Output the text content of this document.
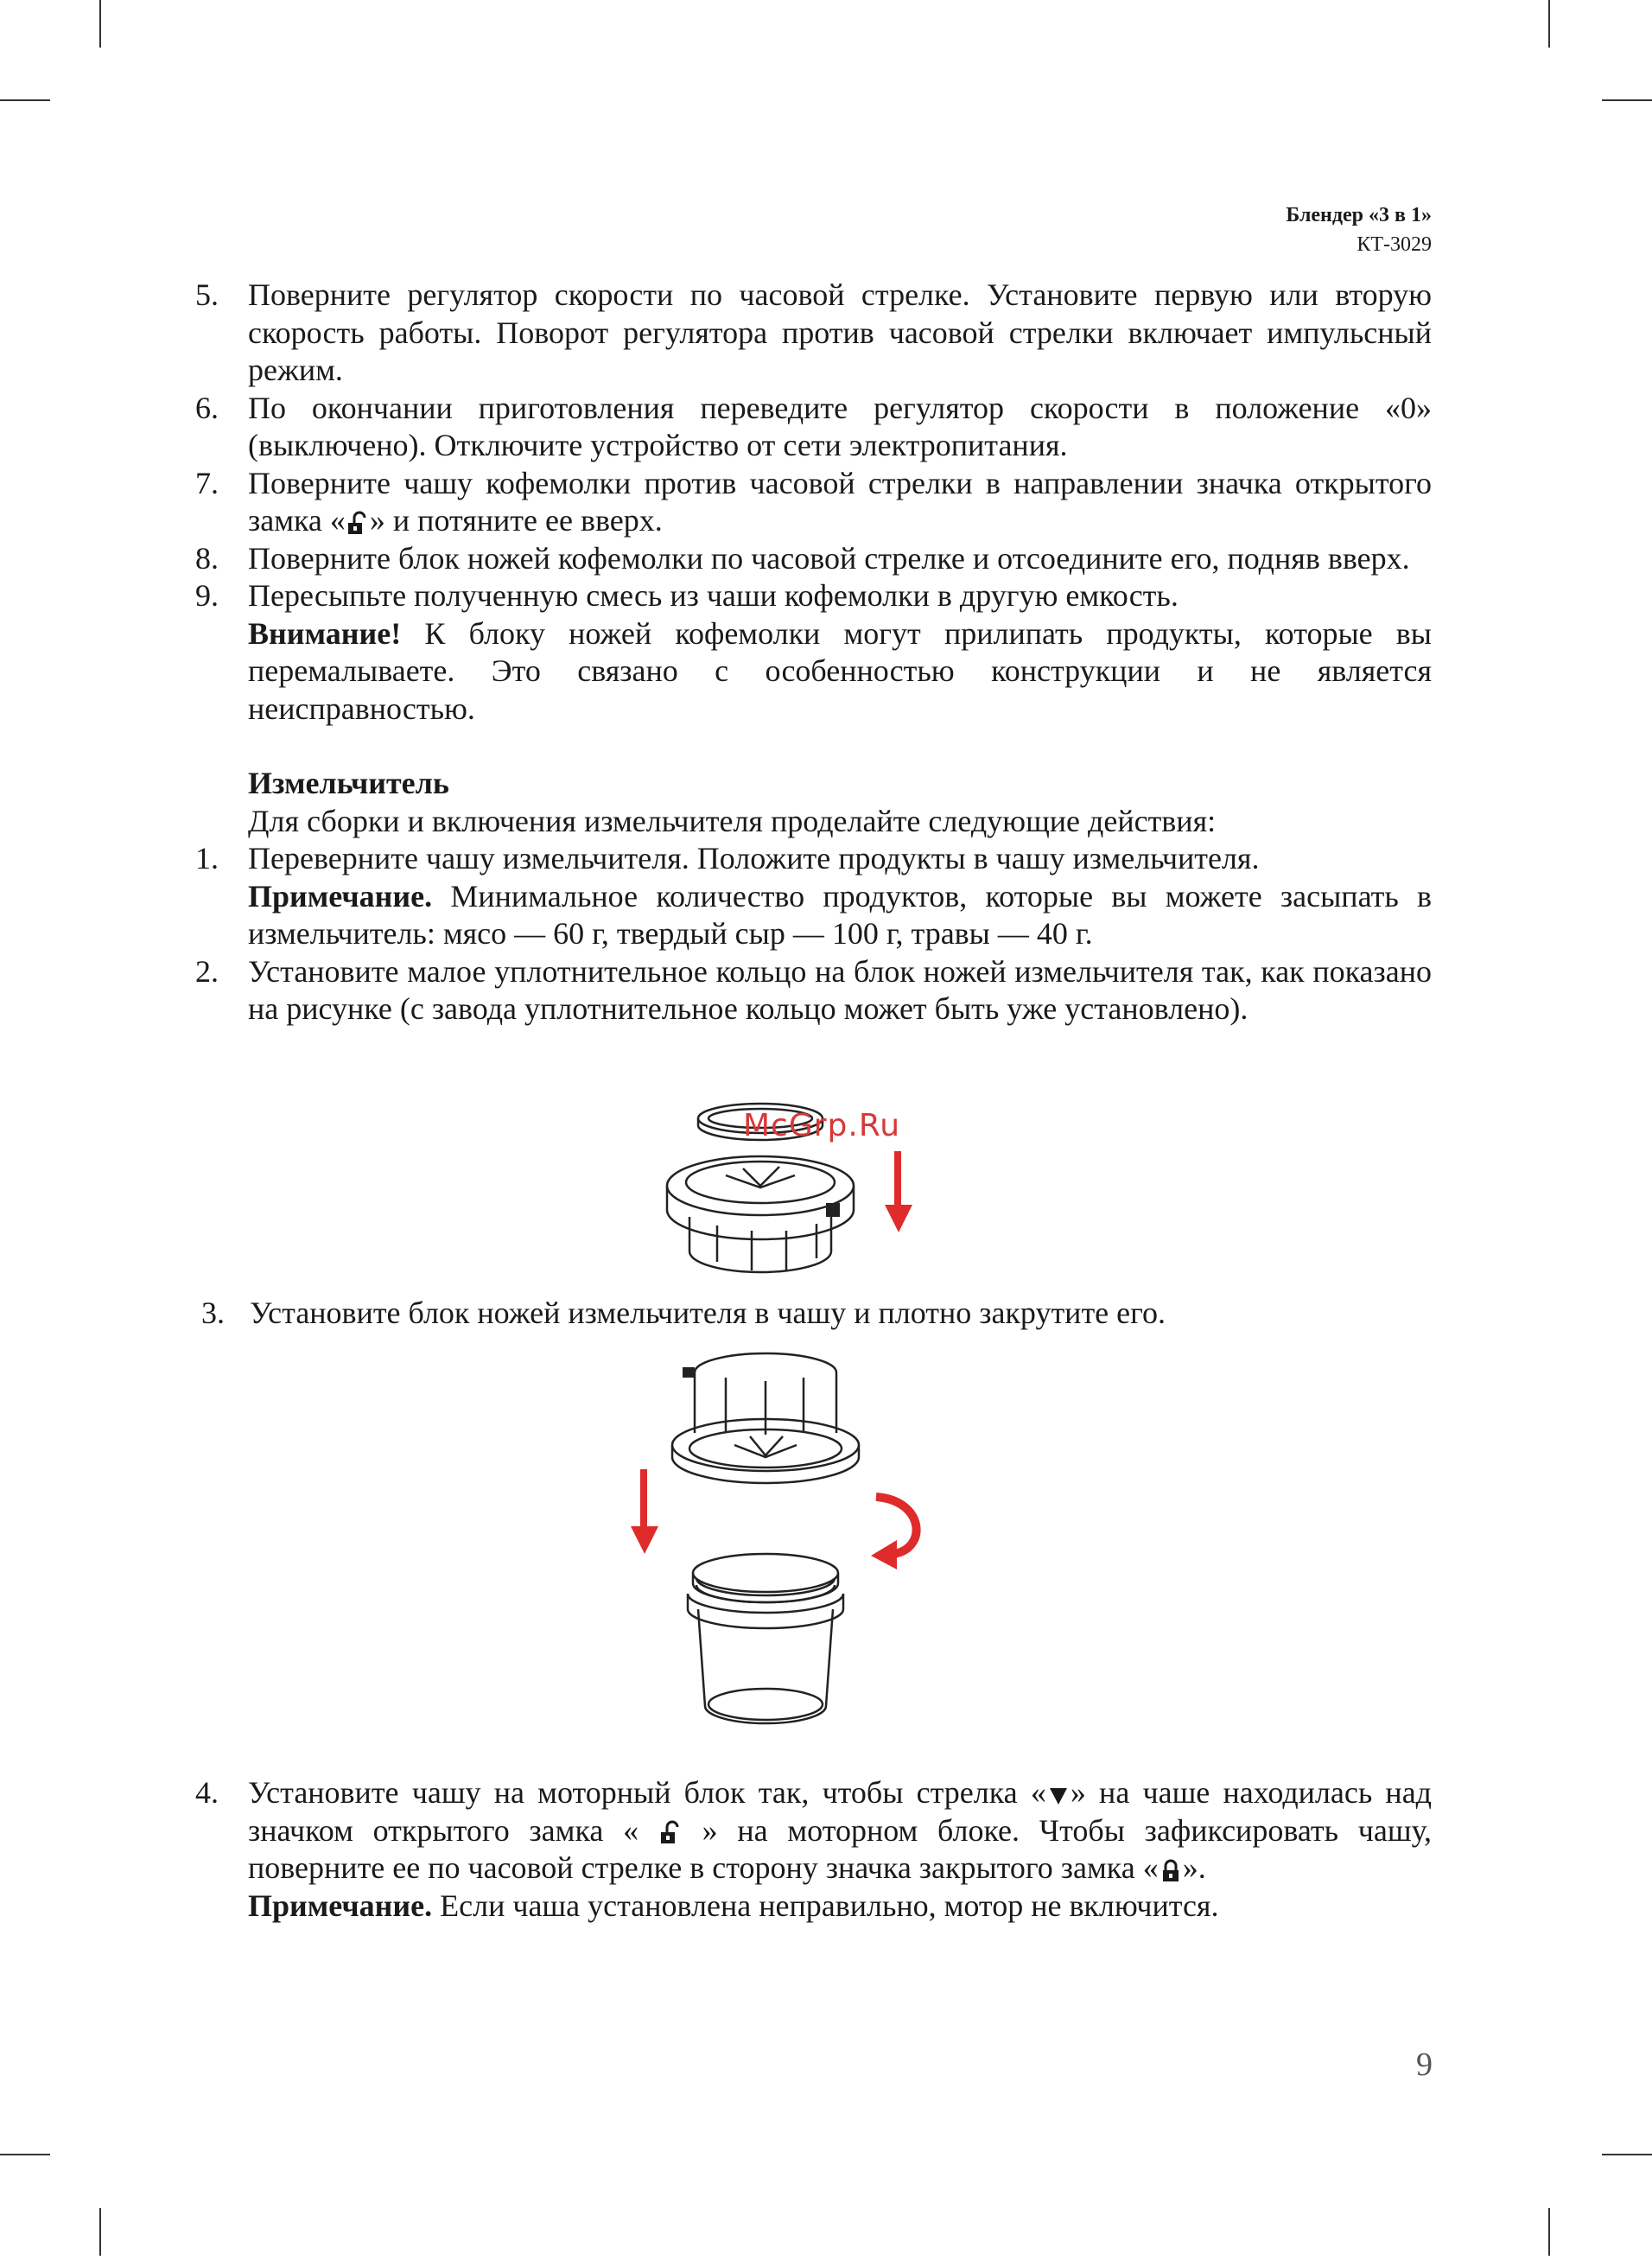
Блендер «3 в 1»
КТ-3029
5. Поверните регулятор скорости по часовой стрелке. Установите первую или вторую скорость работы. Поворот регулятора против часовой стрелки включает импульсный режим.
6. По окончании приготовления переведите регулятор скорости в положение «0» (выключено). Отключите устройство от сети электропитания.
7. Поверните чашу кофемолки против часовой стрелки в направлении значка открытого замка « » и потяните ее вверх.
8. Поверните блок ножей кофемолки по часовой стрелке и отсоедините его, подняв вверх.
9. Пересыпьте полученную смесь из чаши кофемолки в другую емкость.
Внимание! К блоку ножей кофемолки могут прилипать продукты, которые вы перемалываете. Это связано с особенностью конструкции и не является неисправностью.
Измельчитель
Для сборки и включения измельчителя проделайте следующие действия:
1. Переверните чашу измельчителя. Положите продукты в чашу измельчителя.
Примечание. Минимальное количество продуктов, которые вы можете засыпать в измельчитель: мясо — 60 г, твердый сыр — 100 г, травы — 40 г.
2. Установите малое уплотнительное кольцо на блок ножей измельчителя так, как показано на рисунке (с завода уплотнительное кольцо может быть уже установлено).
McGrp.Ru
3. Установите блок ножей измельчителя в чашу и плотно закрутите его.
4. Установите чашу на моторный блок так, чтобы стрелка « » на чаше находилась над значком открытого замка «  » на моторном блоке. Чтобы зафиксировать чашу, поверните ее по часовой стрелке в сторону значка закрытого замка « ».
Примечание. Если чаша установлена неправильно, мотор не включится.
9
